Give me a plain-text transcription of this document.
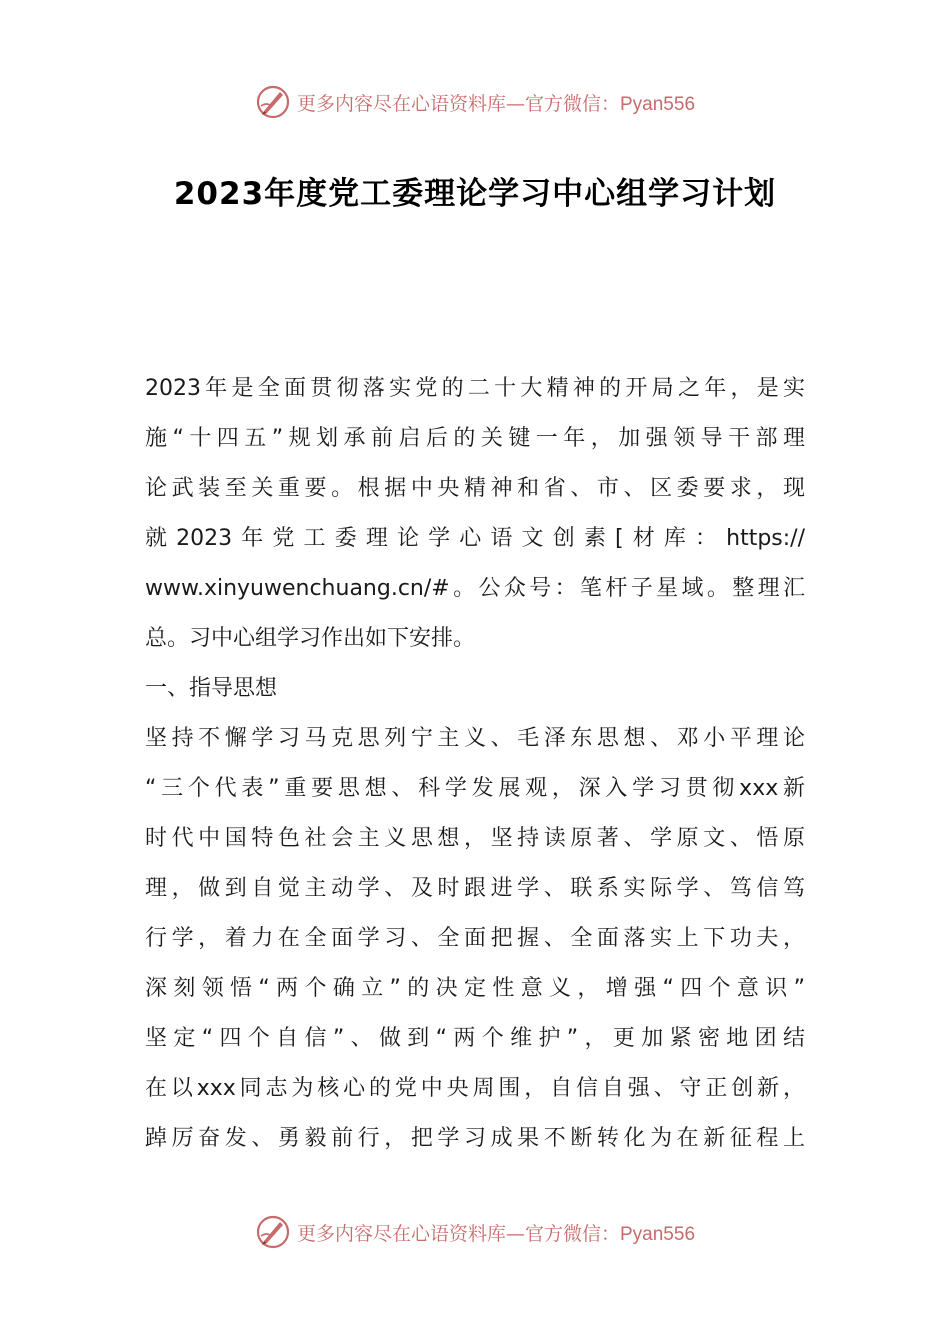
更多内容尽在心语资料库—官方微信：Pyan556
2023年度党工委理论学习中心组学习计划
2023年是全面贯彻落实党的二十大精神的开局之年，是实
施“十四五”规划承前启后的关键一年，加强领导干部理
论武装至关重要。根据中央精神和省、市、区委要求，现
就2023年党工委理论学心语文创素[材库：https://
www.xinyuwenchuang.cn/#。公众号：笔杆子星域。整理汇
总。习中心组学习作出如下安排。
一、指导思想
坚持不懈学习马克思列宁主义、毛泽东思想、邓小平理论
“三个代表”重要思想、科学发展观，深入学习贯彻xxx新
时代中国特色社会主义思想，坚持读原著、学原文、悟原
理，做到自觉主动学、及时跟进学、联系实际学、笃信笃
行学，着力在全面学习、全面把握、全面落实上下功夫，
深刻领悟“两个确立”的决定性意义，增强“四个意识”
坚定“四个自信”、做到“两个维护”，更加紧密地团结
在以xxx同志为核心的党中央周围，自信自强、守正创新，
踔厉奋发、勇毅前行，把学习成果不断转化为在新征程上
更多内容尽在心语资料库—官方微信：Pyan556
